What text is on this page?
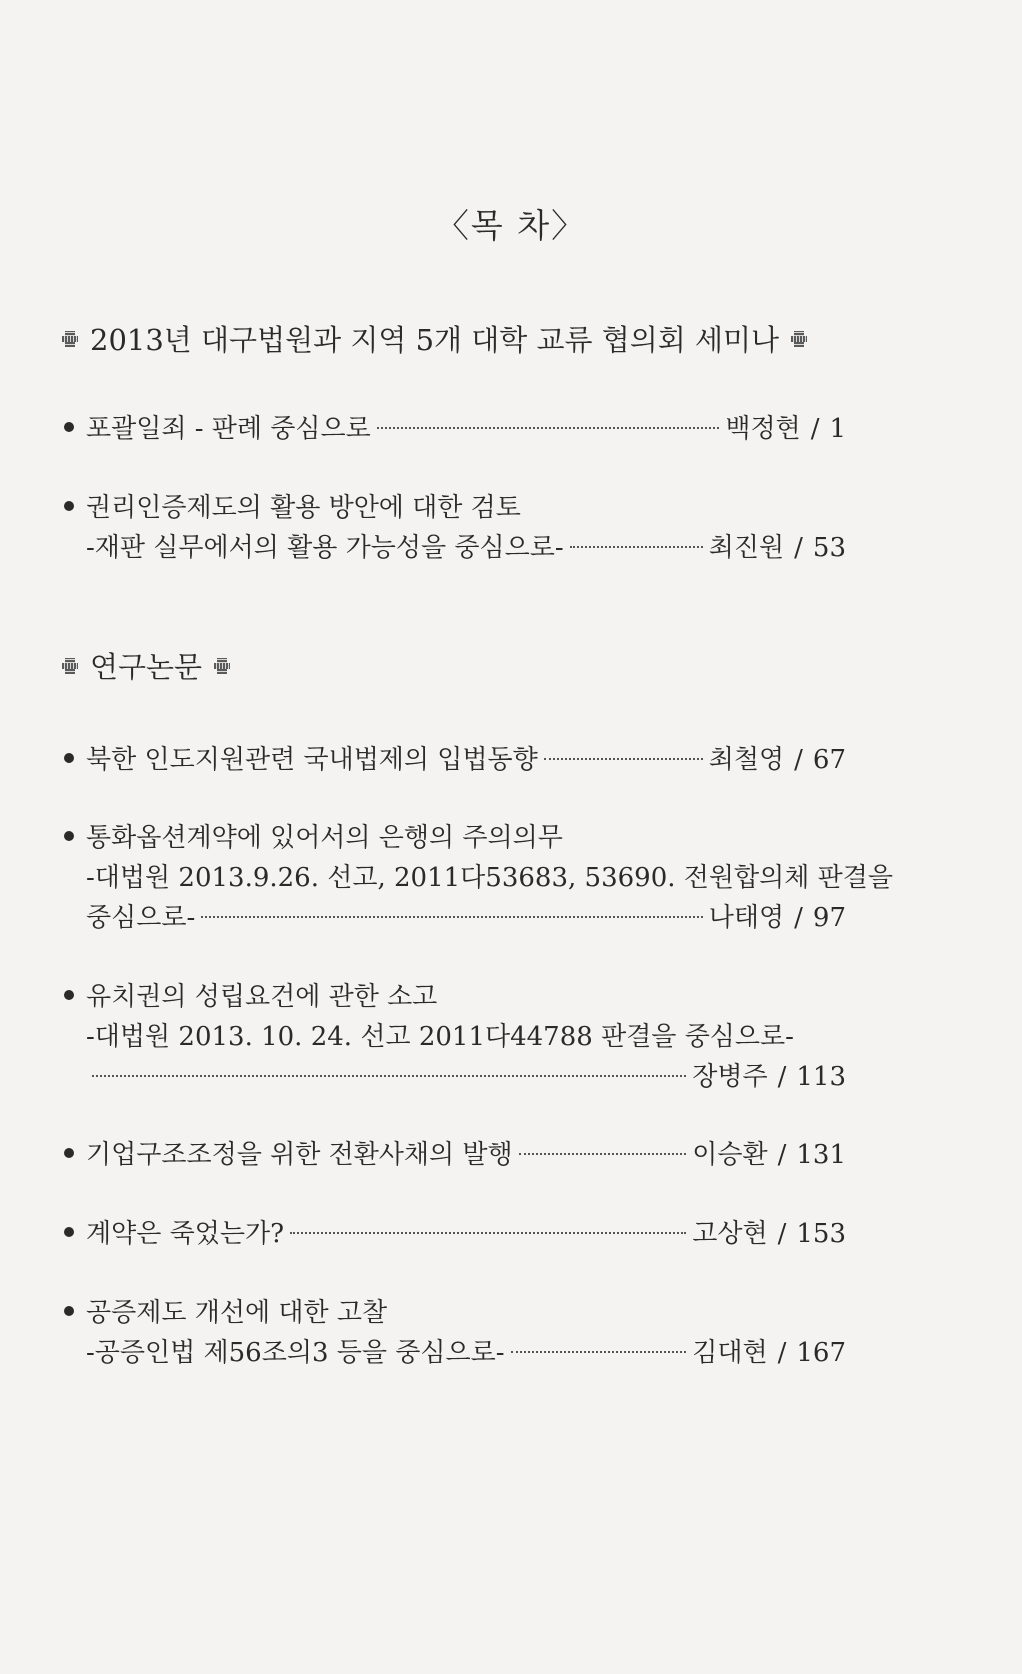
〈목 차〉
2013년 대구법원과 지역 5개 대학 교류 협의회 세미나
포괄일죄 - 판례 중심으로	백정현 / 1
권리인증제도의 활용 방안에 대한 검토
-재판 실무에서의 활용 가능성을 중심으로-	최진원 / 53
연구논문
북한 인도지원관련 국내법제의 입법동향	최철영 / 67
통화옵션계약에 있어서의 은행의 주의의무
-대법원 2013.9.26. 선고, 2011다53683, 53690. 전원합의체 판결을
중심으로-	나태영 / 97
유치권의 성립요건에 관한 소고
-대법원 2013. 10. 24. 선고 2011다44788 판결을 중심으로-
장병주 / 113
기업구조조정을 위한 전환사채의 발행	이승환 / 131
계약은 죽었는가?	고상현 / 153
공증제도 개선에 대한 고찰
-공증인법 제56조의3 등을 중심으로-	김대현 / 167
